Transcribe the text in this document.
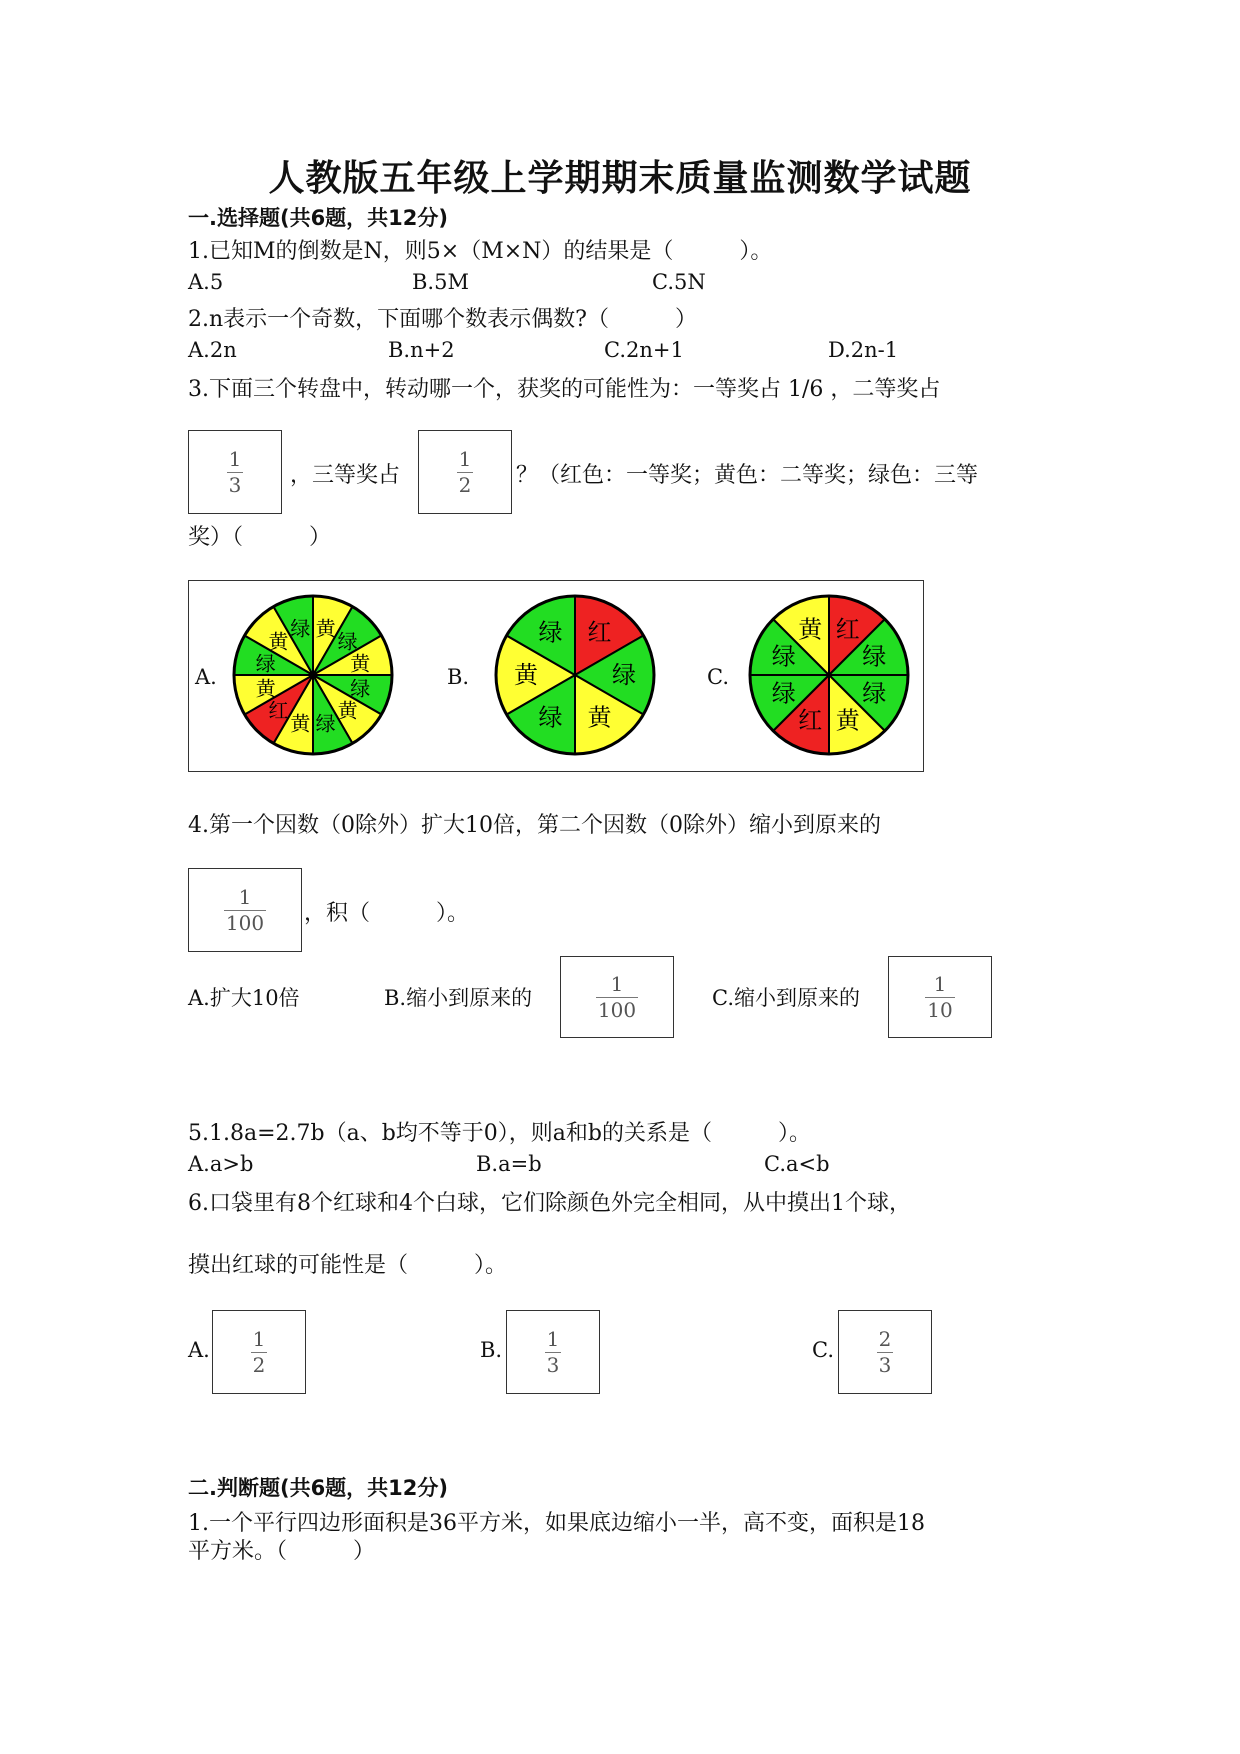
人教版五年级上学期期末质量监测数学试题
一.选择题(共6题，共12分)
1.已知M的倒数是N，则5×（M×N）的结果是（　　　）。
A.5	B.5M	C.5N
2.n表示一个奇数，下面哪个数表示偶数?（　　　）
A.2n	B.n+2	C.2n+1	D.2n-1
3.下面三个转盘中，转动哪一个，获奖的可能性为：一等奖占 1/6 ，二等奖占
$\frac{1}{3}$ ，三等奖占	$\frac{1}{2}$ ？（红色：一等奖；黄色：二等奖；绿色：三等
奖）（　　　）
A.	B.	C.
黄
绿
黄
绿
黄
绿
黄
红
黄
绿
黄
绿	红
绿
黄
绿
黄
绿	红
绿
绿
黄
红
绿
绿
黄
4.第一个因数（0除外）扩大10倍，第二个因数（0除外）缩小到原来的
$\frac{1}{100}$ ，积（　　　）。
A.扩大10倍	B.缩小到原来的	$\frac{1}{100}$	C.缩小到原来的	$\frac{1}{10}$
5.1.8a=2.7b（a、b均不等于0），则a和b的关系是（　　　）。
A.a>b	B.a=b	C.a<b
6.口袋里有8个红球和4个白球，它们除颜色外完全相同，从中摸出1个球，
摸出红球的可能性是（　　　）。
A. $\frac{1}{2}$	B. $\frac{1}{3}$	C. $\frac{2}{3}$
二.判断题(共6题，共12分)
1.一个平行四边形面积是36平方米，如果底边缩小一半，高不变，面积是18
平方米。（　　　）
